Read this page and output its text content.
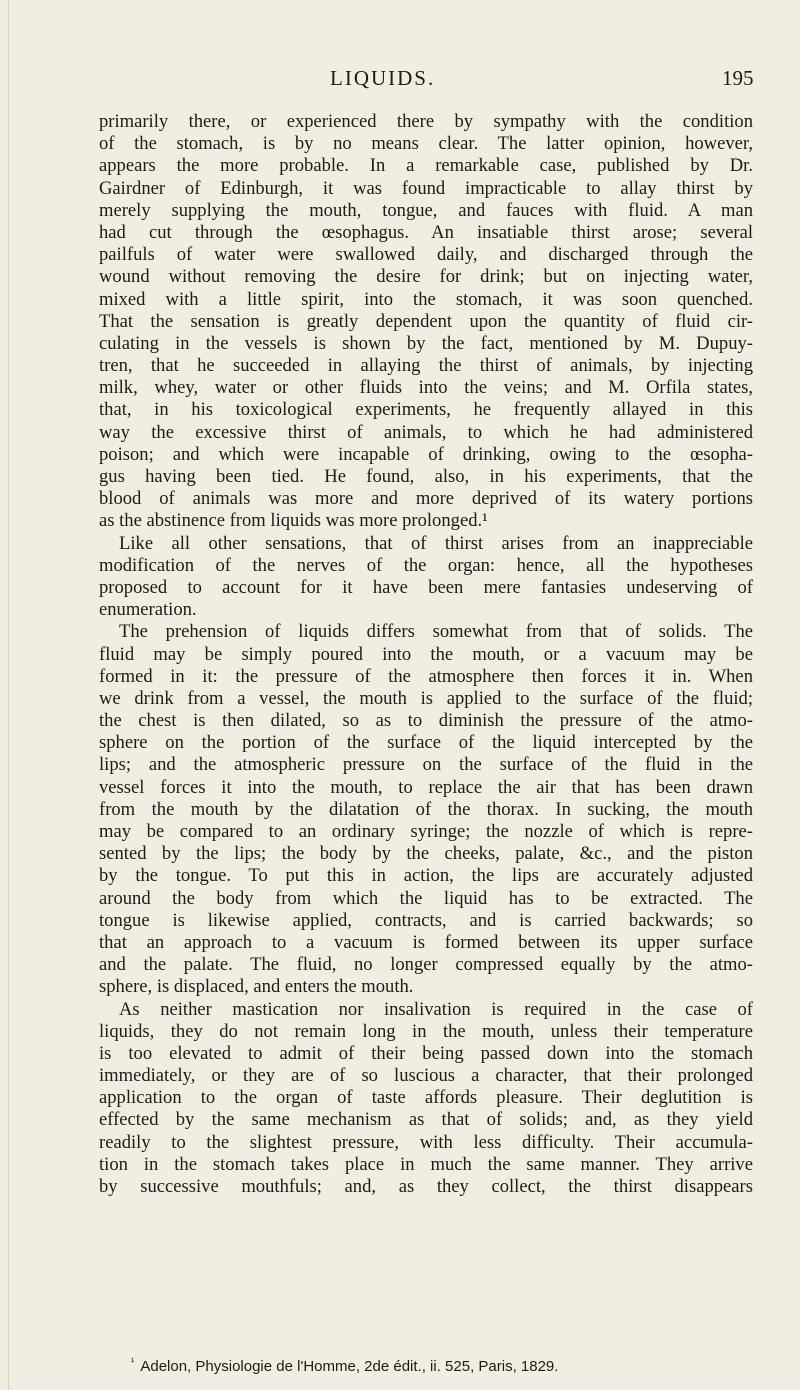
LIQUIDS.	195
primarily there, or experienced there by sympathy with the condition
of the stomach, is by no means clear. The latter opinion, however,
appears the more probable. In a remarkable case, published by Dr.
Gairdner of Edinburgh, it was found impracticable to allay thirst by
merely supplying the mouth, tongue, and fauces with fluid. A man
had cut through the œsophagus. An insatiable thirst arose; several
pailfuls of water were swallowed daily, and discharged through the
wound without removing the desire for drink; but on injecting water,
mixed with a little spirit, into the stomach, it was soon quenched.
That the sensation is greatly dependent upon the quantity of fluid cir-
culating in the vessels is shown by the fact, mentioned by M. Dupuy-
tren, that he succeeded in allaying the thirst of animals, by injecting
milk, whey, water or other fluids into the veins; and M. Orfila states,
that, in his toxicological experiments, he frequently allayed in this
way the excessive thirst of animals, to which he had administered
poison; and which were incapable of drinking, owing to the œsopha-
gus having been tied. He found, also, in his experiments, that the
blood of animals was more and more deprived of its watery portions
as the abstinence from liquids was more prolonged.¹
Like all other sensations, that of thirst arises from an inappreciable
modification of the nerves of the organ: hence, all the hypotheses
proposed to account for it have been mere fantasies undeserving of
enumeration.
The prehension of liquids differs somewhat from that of solids. The
fluid may be simply poured into the mouth, or a vacuum may be
formed in it: the pressure of the atmosphere then forces it in. When
we drink from a vessel, the mouth is applied to the surface of the fluid;
the chest is then dilated, so as to diminish the pressure of the atmo-
sphere on the portion of the surface of the liquid intercepted by the
lips; and the atmospheric pressure on the surface of the fluid in the
vessel forces it into the mouth, to replace the air that has been drawn
from the mouth by the dilatation of the thorax. In sucking, the mouth
may be compared to an ordinary syringe; the nozzle of which is repre-
sented by the lips; the body by the cheeks, palate, &c., and the piston
by the tongue. To put this in action, the lips are accurately adjusted
around the body from which the liquid has to be extracted. The
tongue is likewise applied, contracts, and is carried backwards; so
that an approach to a vacuum is formed between its upper surface
and the palate. The fluid, no longer compressed equally by the atmo-
sphere, is displaced, and enters the mouth.
As neither mastication nor insalivation is required in the case of
liquids, they do not remain long in the mouth, unless their temperature
is too elevated to admit of their being passed down into the stomach
immediately, or they are of so luscious a character, that their prolonged
application to the organ of taste affords pleasure. Their deglutition is
effected by the same mechanism as that of solids; and, as they yield
readily to the slightest pressure, with less difficulty. Their accumula-
tion in the stomach takes place in much the same manner. They arrive
by successive mouthfuls; and, as they collect, the thirst disappears
$^{^1}$ Adelon, Physiologie de l'Homme, 2de édit., ii. 525, Paris, 1829.
